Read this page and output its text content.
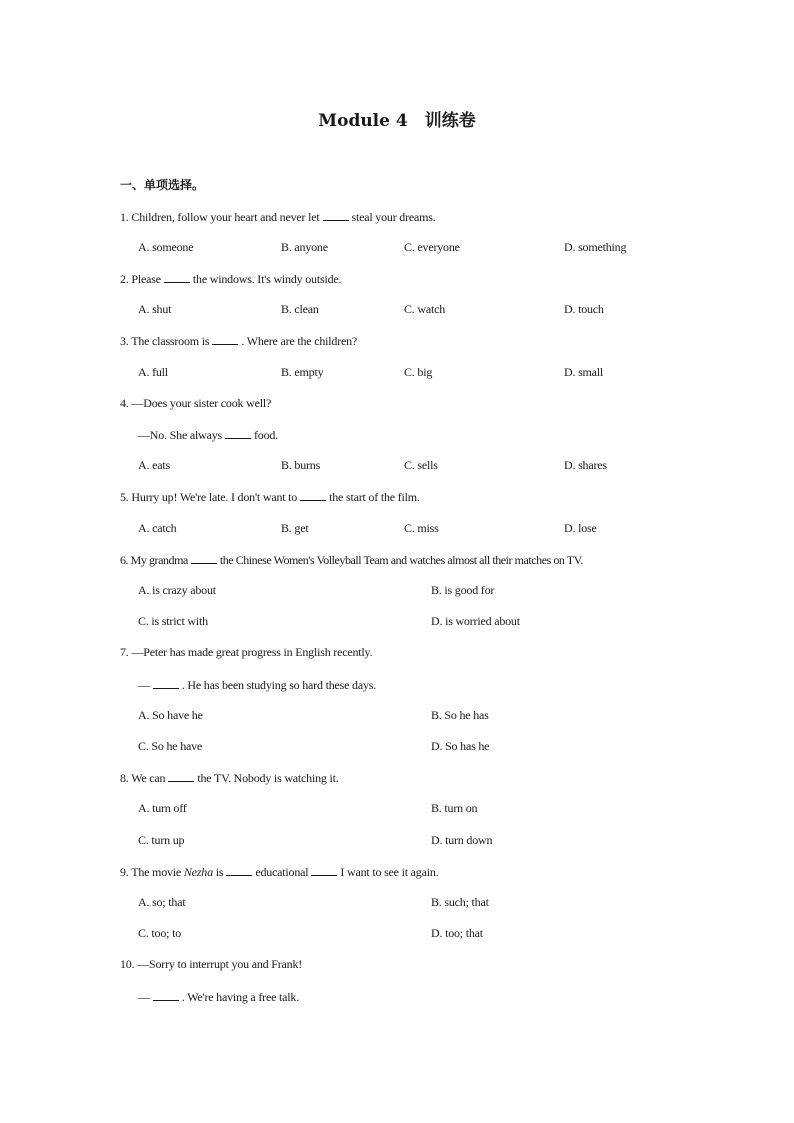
Module 4　训练卷
一、单项选择。
1. Children, follow your heart and never let	steal your dreams.
A. someone	B. anyone	C. everyone	D. something
2. Please	the windows. It's windy outside.
A. shut	B. clean	C. watch	D. touch
3. The classroom is	. Where are the children?
A. full	B. empty	C. big	D. small
4. —Does your sister cook well?
—No. She always	food.
A. eats	B. burns	C. sells	D. shares
5. Hurry up! We're late. I don't want to	the start of the film.
A. catch	B. get	C. miss	D. lose
6. My grandma	the Chinese Women's Volleyball Team and watches almost all their matches on TV.
A. is crazy about	B. is good for
C. is strict with	D. is worried about
7. —Peter has made great progress in English recently.
—	. He has been studying so hard these days.
A. So have he	B. So he has
C. So he have	D. So has he
8. We can	the TV. Nobody is watching it.
A. turn off	B. turn on
C. turn up	D. turn down
9. The movie Nezha is	educational	I want to see it again.
A. so; that	B. such; that
C. too; to	D. too; that
10. —Sorry to interrupt you and Frank!
—	. We're having a free talk.
